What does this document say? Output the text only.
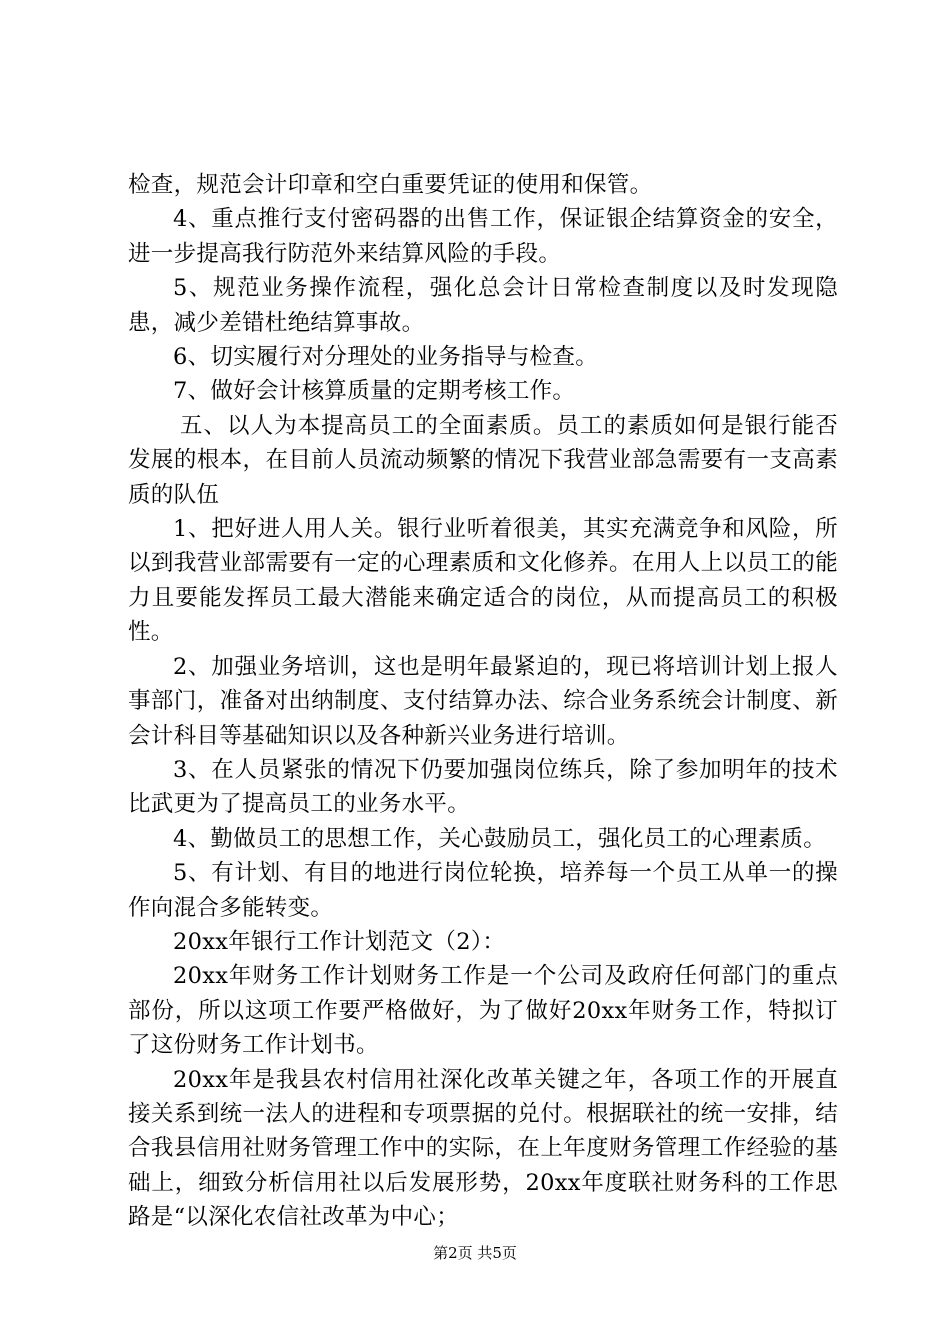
检查，规范会计印章和空白重要凭证的使用和保管。

4、重点推行支付密码器的出售工作，保证银企结算资金的安全，进一步提高我行防范外来结算风险的手段。

5、规范业务操作流程，强化总会计日常检查制度以及时发现隐患，减少差错杜绝结算事故。

6、切实履行对分理处的业务指导与检查。

7、做好会计核算质量的定期考核工作。

五、以人为本提高员工的全面素质。员工的素质如何是银行能否发展的根本，在目前人员流动频繁的情况下我营业部急需要有一支高素质的队伍

1、把好进人用人关。银行业听着很美，其实充满竞争和风险，所以到我营业部需要有一定的心理素质和文化修养。在用人上以员工的能力且要能发挥员工最大潜能来确定适合的岗位，从而提高员工的积极性。

2、加强业务培训，这也是明年最紧迫的，现已将培训计划上报人事部门，准备对出纳制度、支付结算办法、综合业务系统会计制度、新会计科目等基础知识以及各种新兴业务进行培训。

3、在人员紧张的情况下仍要加强岗位练兵，除了参加明年的技术比武更为了提高员工的业务水平。

4、勤做员工的思想工作，关心鼓励员工，强化员工的心理素质。

5、有计划、有目的地进行岗位轮换，培养每一个员工从单一的操作向混合多能转变。

20xx年银行工作计划范文（2）：

20xx年财务工作计划财务工作是一个公司及政府任何部门的重点部份，所以这项工作要严格做好，为了做好20xx年财务工作，特拟订了这份财务工作计划书。

20xx年是我县农村信用社深化改革关键之年，各项工作的开展直接关系到统一法人的进程和专项票据的兑付。根据联社的统一安排，结合我县信用社财务管理工作中的实际，在上年度财务管理工作经验的基础上，细致分析信用社以后发展形势，20xx年度联社财务科的工作思路是“以深化农信社改革为中心；

第2页 共5页
